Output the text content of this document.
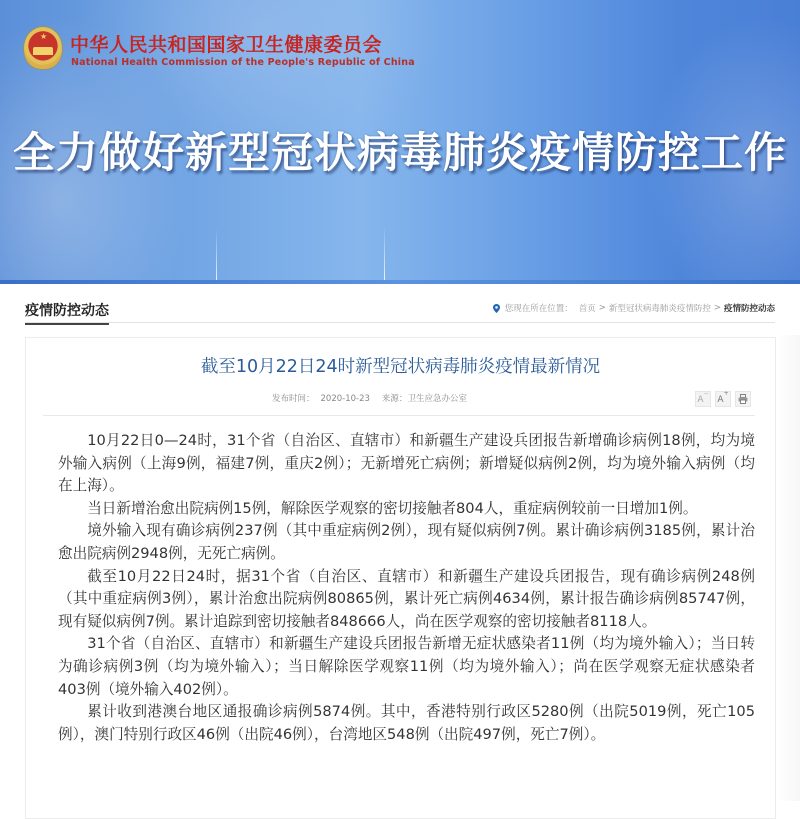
★ 中华人民共和国国家卫生健康委员会
National Health Commission of the People's Republic of China
全力做好新型冠状病毒肺炎疫情防控工作
疫情防控动态	您现在所在位置： 首页 > 新型冠状病毒肺炎疫情防控 > 疫情防控动态
截至10月22日24时新型冠状病毒肺炎疫情最新情况
发布时间： 2020-10-23 来源：卫生应急办公室	A−
A+

10月22日0—24时，31个省（自治区、直辖市）和新疆生产建设兵团报告新增确诊病例18例，均为境外输入病例（上海9例，福建7例，重庆2例）；无新增死亡病例；新增疑似病例2例，均为境外输入病例（均在上海）。

当日新增治愈出院病例15例，解除医学观察的密切接触者804人，重症病例较前一日增加1例。

境外输入现有确诊病例237例（其中重症病例2例），现有疑似病例7例。累计确诊病例3185例，累计治愈出院病例2948例，无死亡病例。

截至10月22日24时，据31个省（自治区、直辖市）和新疆生产建设兵团报告，现有确诊病例248例（其中重症病例3例），累计治愈出院病例80865例，累计死亡病例4634例，累计报告确诊病例85747例，现有疑似病例7例。累计追踪到密切接触者848666人，尚在医学观察的密切接触者8118人。

31个省（自治区、直辖市）和新疆生产建设兵团报告新增无症状感染者11例（均为境外输入）；当日转为确诊病例3例（均为境外输入）；当日解除医学观察11例（均为境外输入）；尚在医学观察无症状感染者403例（境外输入402例）。

累计收到港澳台地区通报确诊病例5874例。其中，香港特别行政区5280例（出院5019例，死亡105例），澳门特别行政区46例（出院46例），台湾地区548例（出院497例，死亡7例）。
